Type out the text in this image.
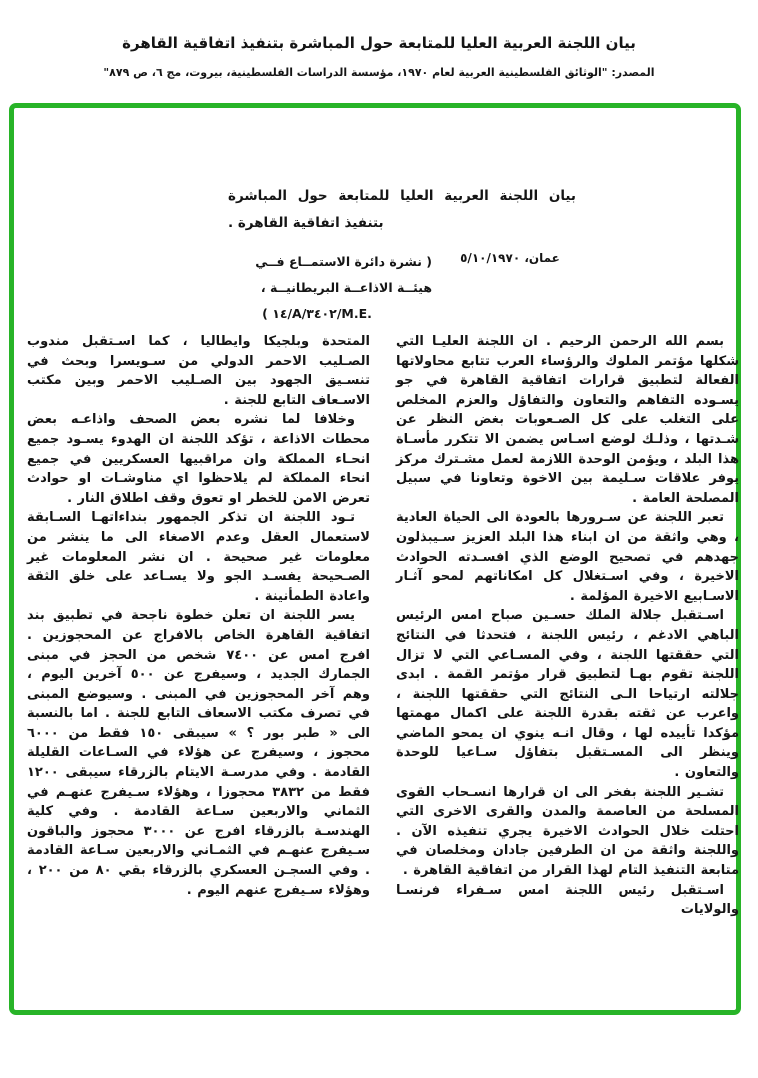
بيان اللجنة العربية العليا للمتابعة حول المباشرة بتنفيذ اتفاقية القاهرة
المصدر: "الوثائق الفلسطينية العربية لعام ١٩٧٠، مؤسسة الدراسات الفلسطينية، بيروت، مج ٦، ص ٨٧٩"
بيان اللجنة العربية العليا للمتابعة حول المباشرة بتنفيذ اتفاقية القاهرة .
عمان، ٥/١٠/١٩٧٠
( نشرة دائرة الاستمــاع فــي
هيئــة الاذاعــة البريطانيــة ،
( ١٤/A/٣٤٠٢/M.E.

بسم الله الرحمن الرحيم . ان اللجنة العليـا التي شكلها مؤتمر الملوك والرؤساء العرب تتابع محاولاتها الفعالة لتطبيق قرارات اتفاقية القاهرة في جو يسـوده التفاهم والتعاون والتفاؤل والعزم المخلص على التغلب على كل الصـعوبات بغض النظر عن شـدتها ، وذلـك لوضع اسـاس يضمن الا تتكرر مأسـاة هذا البلد ، ويؤمن الوحدة اللازمة لعمل مشـترك مركز يوفر علاقات سـليمة بين الاخوة وتعاونا في سبيل المصلحة العامة .

تعبر اللجنة عن سـرورها بالعودة الى الحياة العادية ، وهي واثقة من ان ابناء هذا البلد العزيز سـيبذلون جهدهم في تصحيح الوضع الذي افسـدته الحوادث الاخيرة ، وفي اسـتغلال كل امكاناتهم لمحو آثـار الاسـابيع الاخيرة المؤلمة .

اسـتقبل جلالة الملك حسـين صباح امس الرئيس الباهي الادغم ، رئيس اللجنة ، فتحدثا في النتائج التي حققتها اللجنة ، وفي المسـاعي التي لا تزال اللجنة تقوم بهـا لتطبيق قرار مؤتمر القمة . ابدى جلالته ارتياحا الـى النتائج التي حققتها اللجنة ، واعرب عن ثقته بقدرة اللجنة على اكمال مهمتها مؤكدا تأييده لها ، وقال انـه ينوي ان يمحو الماضي وينظر الى المسـتقبل بتفاؤل سـاعيا للوحدة والتعاون .

تشـير اللجنة بفخر الى ان قرارها انسـحاب القوى المسلحة من العاصمة والمدن والقرى الاخرى التي احتلت خلال الحوادث الاخيرة يجري تنفيذه الآن . واللجنة واثقة من ان الطرفين جادان ومخلصان في متابعة التنفيذ التام لهذا القرار من اتفاقية القاهرة .

اسـتقبل رئيس اللجنة امس سـفراء فرنسـا والولايات

المتحدة وبلجيكا وايطاليا ، كما اسـتقبل مندوب الصـليب الاحمر الدولي من سـويسرا وبحث في تنسـيق الجهود بين الصـليب الاحمر وبين مكتب الاسـعاف التابع للجنة .

وخلافا لما نشره بعض الصحف واذاعـه بعض محطات الاذاعة ، تؤكد اللجنة ان الهدوء يسـود جميع انحـاء المملكة وان مراقبيها العسكريين في جميع انحاء المملكة لم يلاحظوا اي مناوشـات او حوادث تعرض الامن للخطر او تعوق وقف اطلاق النار .

تـود اللجنة ان تذكر الجمهور بنداءاتهـا السـابقة لاستعمال العقل وعدم الاصغاء الى ما ينشر من معلومات غير صحيحة . ان نشر المعلومات غير الصـحيحة يفسـد الجو ولا يسـاعد على خلق الثقة واعادة الطمأنينة .

يسر اللجنة ان تعلن خطوة ناجحة في تطبيق بند اتفاقية القاهرة الخاص بالافراج عن المحجوزين . افرج امس عن ٧٤٠٠ شخص من الحجز في مبنى الجمارك الجديد ، وسيفرج عن ٥٠٠ آخرين اليوم ، وهم آخر المحجوزين في المبنى . وسيوضع المبنى في تصرف مكتب الاسعاف التابع للجنة . اما بالنسبة الى « طبر بور ؟ » سيبقى ١٥٠ فقط من ٦٠٠٠ محجوز ، وسيفرج عن هؤلاء في السـاعات القليلة القادمة . وفي مدرسـة الايتام بالزرقاء سيبقى ١٢٠٠ فقط من ٣٨٣٢ محجوزا ، وهؤلاء سـيفرج عنهـم في الثماني والاربعين سـاعة القادمة . وفي كلية الهندسـة بالزرقاء افرج عن ٣٠٠٠ محجوز والباقون سـيفرج عنهـم في الثمـاني والاربعين سـاعة القادمة . وفي السجـن العسكري بالزرقاء بقي ٨٠ من ٢٠٠ ، وهؤلاء سـيفرج عنهم اليوم .
